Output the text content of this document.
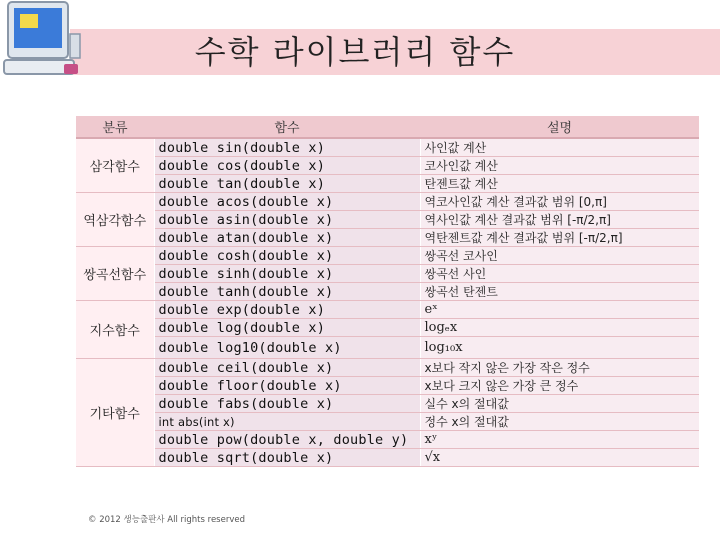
수학 라이브러리 함수
분류	함수	설명
삼각함수	double sin(double x)	사인값 계산
	double cos(double x)	코사인값 계산
	double tan(double x)	탄젠트값 계산
역삼각함수	double acos(double x)	역코사인값 계산 결과값 범위 [0,π]
	double asin(double x)	역사인값 계산 결과값 범위 [-π/2,π]
	double atan(double x)	역탄젠트값 계산 결과값 범위 [-π/2,π]
쌍곡선함수	double cosh(double x)	쌍곡선 코사인
	double sinh(double x)	쌍곡선 사인
	double tanh(double x)	쌍곡선 탄젠트
지수함수	double exp(double x)	eˣ
	double log(double x)	logₑx
	double log10(double x)	log₁₀x
기타함수	double ceil(double x)	x보다 작지 않은 가장 작은 정수
	double floor(double x)	x보다 크지 않은 가장 큰 정수
	double fabs(double x)	실수 x의 절대값
	int abs(int x)	정수 x의 절대값
	double pow(double x, double y)	xʸ
	double sqrt(double x)	√x
© 2012 생능출판사 All rights reserved
